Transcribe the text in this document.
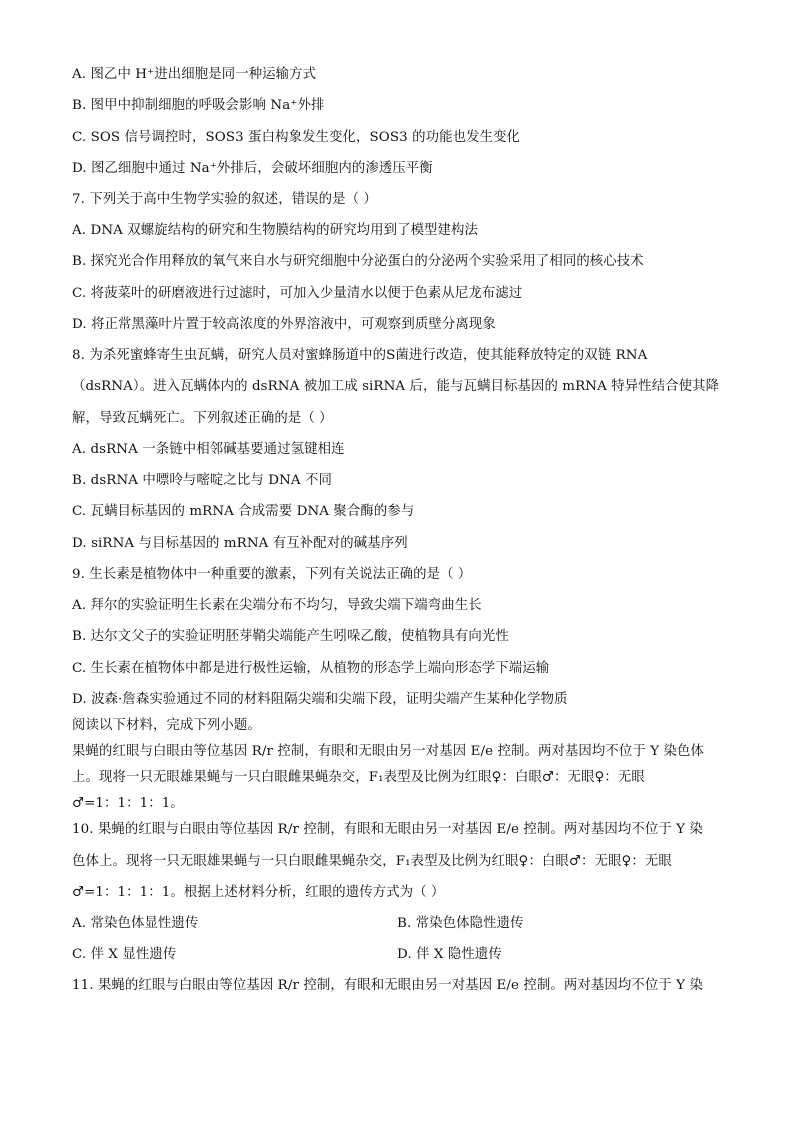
A. 图乙中 H⁺进出细胞是同一种运输方式
B. 图甲中抑制细胞的呼吸会影响 Na⁺外排
C. SOS 信号调控时，SOS3 蛋白构象发生变化，SOS3 的功能也发生变化
D. 图乙细胞中通过 Na⁺外排后，会破坏细胞内的渗透压平衡
7. 下列关于高中生物学实验的叙述，错误的是（ ）
A. DNA 双螺旋结构的研究和生物膜结构的研究均用到了模型建构法
B. 探究光合作用释放的氧气来自水与研究细胞中分泌蛋白的分泌两个实验采用了相同的核心技术
C. 将菠菜叶的研磨液进行过滤时，可加入少量清水以便于色素从尼龙布滤过
D. 将正常黑藻叶片置于较高浓度的外界溶液中，可观察到质壁分离现象
8. 为杀死蜜蜂寄生虫瓦螨，研究人员对蜜蜂肠道中的S菌进行改造，使其能释放特定的双链 RNA
（dsRNA）。进入瓦螨体内的 dsRNA 被加工成 siRNA 后，能与瓦螨目标基因的 mRNA 特异性结合使其降
解，导致瓦螨死亡。下列叙述正确的是（ ）
A. dsRNA 一条链中相邻碱基要通过氢键相连
B. dsRNA 中嘌呤与嘧啶之比与 DNA 不同
C. 瓦螨目标基因的 mRNA 合成需要 DNA 聚合酶的参与
D. siRNA 与目标基因的 mRNA 有互补配对的碱基序列
9. 生长素是植物体中一种重要的激素，下列有关说法正确的是（ ）
A. 拜尔的实验证明生长素在尖端分布不均匀，导致尖端下端弯曲生长
B. 达尔文父子的实验证明胚芽鞘尖端能产生吲哚乙酸，使植物具有向光性
C. 生长素在植物体中都是进行极性运输，从植物的形态学上端向形态学下端运输
D. 波森·詹森实验通过不同的材料阻隔尖端和尖端下段，证明尖端产生某种化学物质
阅读以下材料，完成下列小题。
果蝇的红眼与白眼由等位基因 R/r 控制，有眼和无眼由另一对基因 E/e 控制。两对基因均不位于 Y 染色体
上。现将一只无眼雄果蝇与一只白眼雌果蝇杂交，F₁表型及比例为红眼♀：白眼♂：无眼♀：无眼
♂=1：1：1：1。
10. 果蝇的红眼与白眼由等位基因 R/r 控制，有眼和无眼由另一对基因 E/e 控制。两对基因均不位于 Y 染
色体上。现将一只无眼雄果蝇与一只白眼雌果蝇杂交，F₁表型及比例为红眼♀：白眼♂：无眼♀：无眼
♂=1：1：1：1。根据上述材料分析，红眼的遗传方式为（ ）
A. 常染色体显性遗传	B. 常染色体隐性遗传
C. 伴 X 显性遗传	D. 伴 X 隐性遗传
11. 果蝇的红眼与白眼由等位基因 R/r 控制，有眼和无眼由另一对基因 E/e 控制。两对基因均不位于 Y 染
